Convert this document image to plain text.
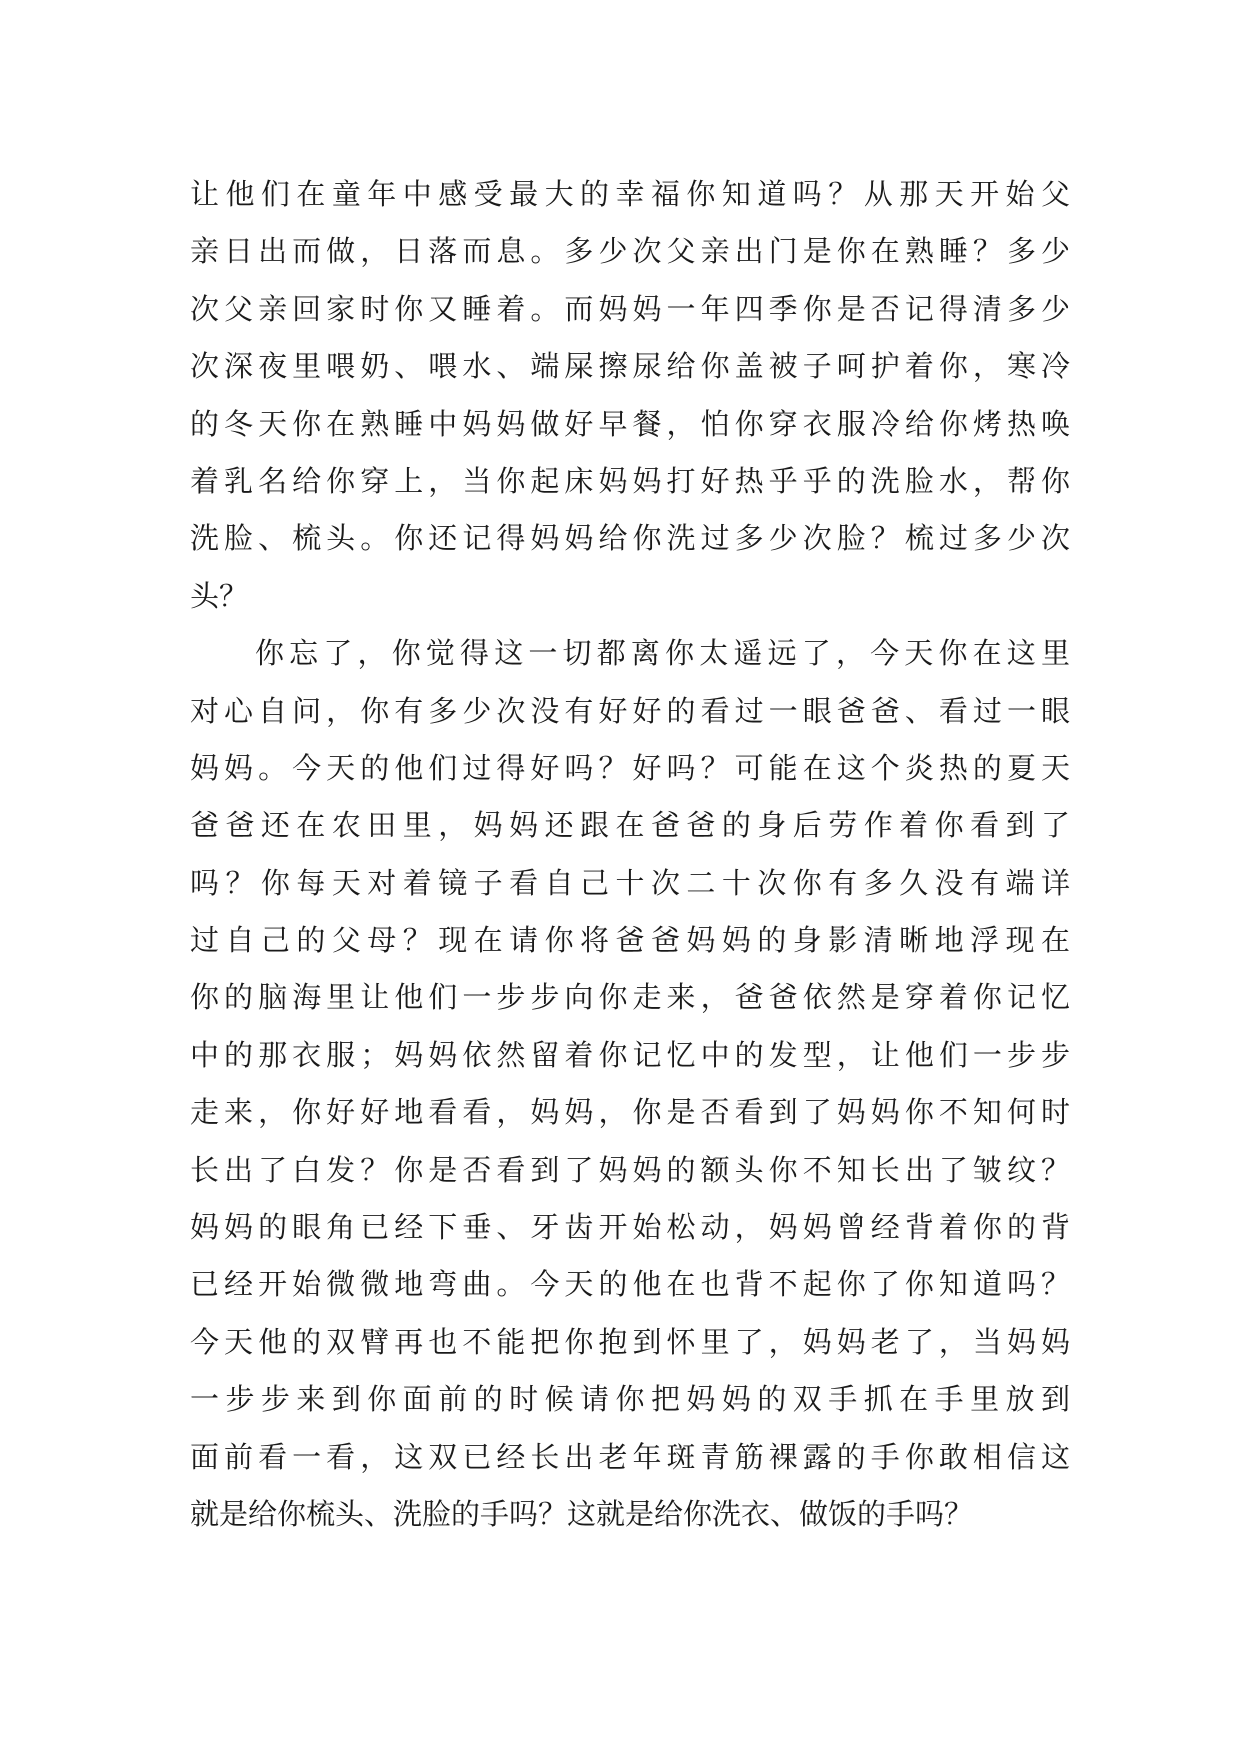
让他们在童年中感受最大的幸福你知道吗？从那天开始父
亲日出而做，日落而息。多少次父亲出门是你在熟睡？多少
次父亲回家时你又睡着。而妈妈一年四季你是否记得清多少
次深夜里喂奶、喂水、端屎擦尿给你盖被子呵护着你，寒冷
的冬天你在熟睡中妈妈做好早餐，怕你穿衣服冷给你烤热唤
着乳名给你穿上，当你起床妈妈打好热乎乎的洗脸水，帮你
洗脸、梳头。你还记得妈妈给你洗过多少次脸？梳过多少次
头？
你忘了，你觉得这一切都离你太遥远了，今天你在这里
对心自问，你有多少次没有好好的看过一眼爸爸、看过一眼
妈妈。今天的他们过得好吗？好吗？可能在这个炎热的夏天
爸爸还在农田里，妈妈还跟在爸爸的身后劳作着你看到了
吗？你每天对着镜子看自己十次二十次你有多久没有端详
过自己的父母？现在请你将爸爸妈妈的身影清晰地浮现在
你的脑海里让他们一步步向你走来，爸爸依然是穿着你记忆
中的那衣服；妈妈依然留着你记忆中的发型，让他们一步步
走来，你好好地看看，妈妈，你是否看到了妈妈你不知何时
长出了白发？你是否看到了妈妈的额头你不知长出了皱纹？
妈妈的眼角已经下垂、牙齿开始松动，妈妈曾经背着你的背
已经开始微微地弯曲。今天的他在也背不起你了你知道吗？
今天他的双臂再也不能把你抱到怀里了，妈妈老了，当妈妈
一步步来到你面前的时候请你把妈妈的双手抓在手里放到
面前看一看，这双已经长出老年斑青筋裸露的手你敢相信这
就是给你梳头、洗脸的手吗？这就是给你洗衣、做饭的手吗？
